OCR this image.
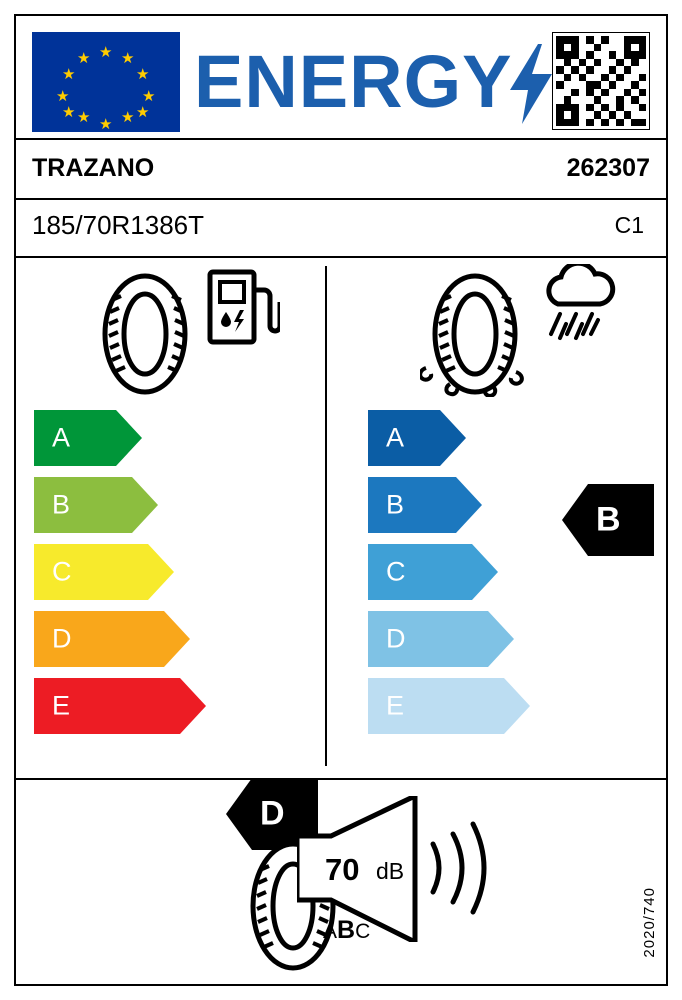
★ ★
★
★
★
★
★
★
★
★
★
★ ENERGY
TRAZANO	262307
185/70R1386T	C1
A
B
C
D
E
D
A
B
C
D
E
B
70 dB
ABC	2020/740
